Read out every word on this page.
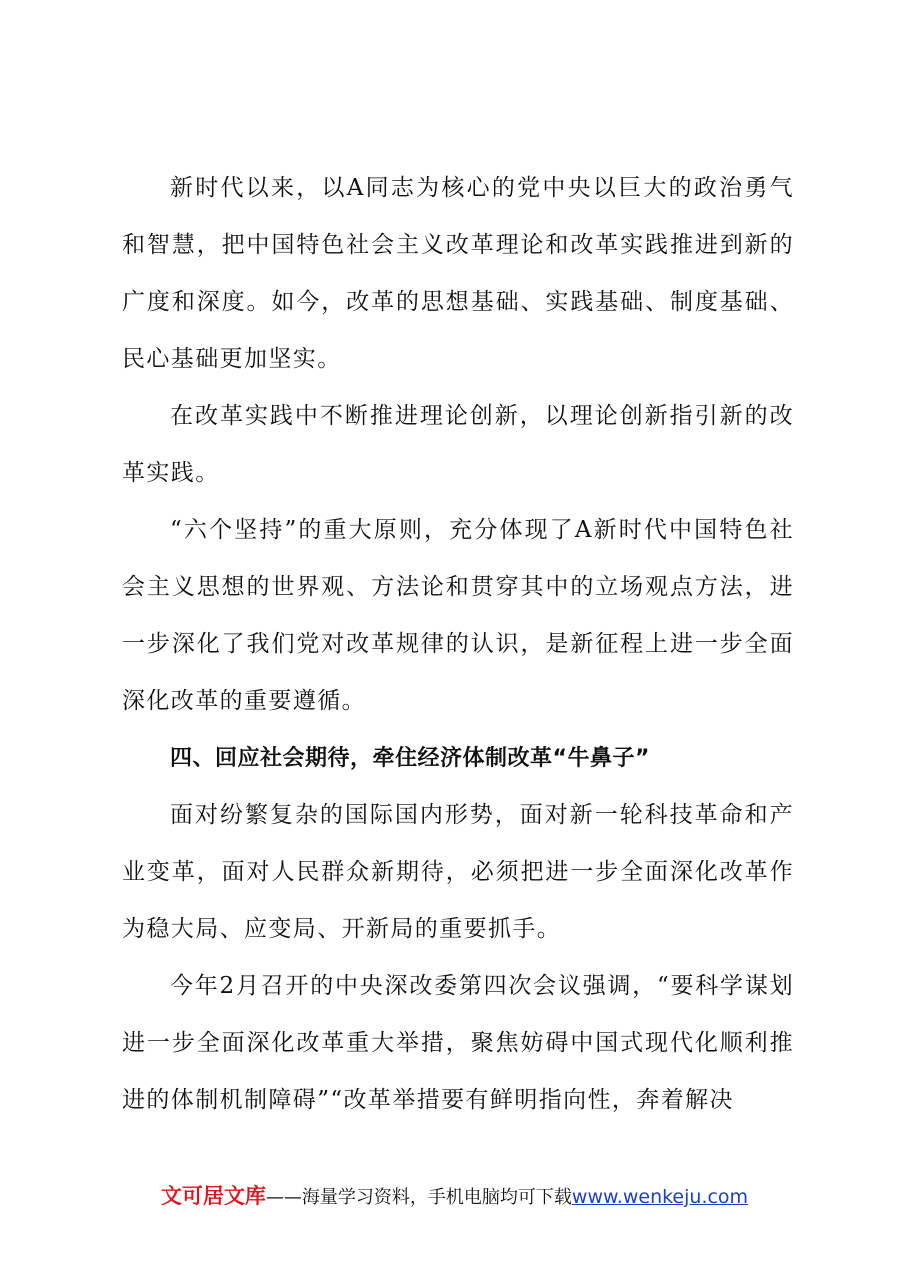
新时代以来，以A同志为核心的党中央以巨大的政治勇气和智慧，把中国特色社会主义改革理论和改革实践推进到新的广度和深度。如今，改革的思想基础、实践基础、制度基础、民心基础更加坚实。

在改革实践中不断推进理论创新，以理论创新指引新的改革实践。

“六个坚持”的重大原则，充分体现了A新时代中国特色社会主义思想的世界观、方法论和贯穿其中的立场观点方法，进一步深化了我们党对改革规律的认识，是新征程上进一步全面深化改革的重要遵循。

四、回应社会期待，牵住经济体制改革“牛鼻子”

面对纷繁复杂的国际国内形势，面对新一轮科技革命和产业变革，面对人民群众新期待，必须把进一步全面深化改革作为稳大局、应变局、开新局的重要抓手。

今年2月召开的中央深改委第四次会议强调，“要科学谋划进一步全面深化改革重大举措，聚焦妨碍中国式现代化顺利推进的体制机制障碍”“改革举措要有鲜明指向性，奔着解决

文可居文库——海量学习资料，手机电脑均可下载www.wenkeju.com
